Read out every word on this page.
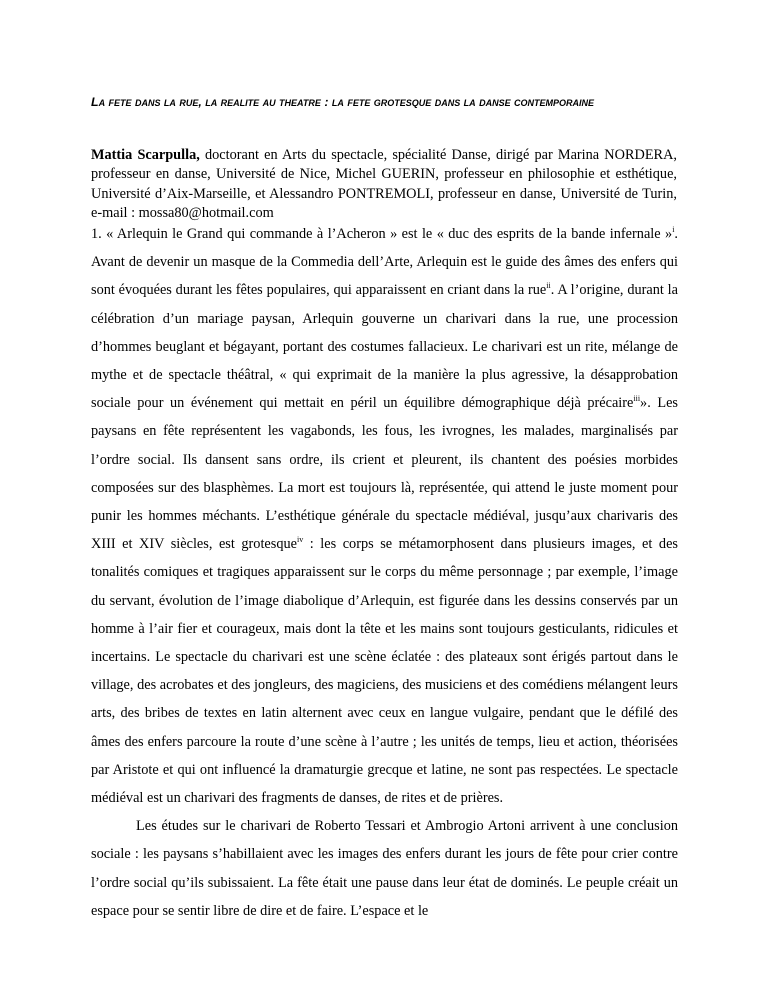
La fete dans la rue, la realite au theatre : la fete grotesque dans la danse contemporaine
Mattia Scarpulla, doctorant en Arts du spectacle, spécialité Danse, dirigé par Marina NORDERA, professeur en danse, Université de Nice, Michel GUERIN, professeur en philosophie et esthétique, Université d’Aix-Marseille, et Alessandro PONTREMOLI, professeur en danse, Université de Turin, e-mail : mossa80@hotmail.com

1. « Arlequin le Grand qui commande à l’Acheron » est le « duc des esprits de la bande infernale »$^i$. Avant de devenir un masque de la Commedia dell’Arte, Arlequin est le guide des âmes des enfers qui sont évoquées durant les fêtes populaires, qui apparaissent en criant dans la rue$^{ii}$. A l’origine, durant la célébration d’un mariage paysan, Arlequin gouverne un charivari dans la rue, une procession d’hommes beuglant et bégayant, portant des costumes fallacieux. Le charivari est un rite, mélange de mythe et de spectacle théâtral, « qui exprimait de la manière la plus agressive, la désapprobation sociale pour un événement qui mettait en péril un équilibre démographique déjà précaire$^{iii}$». Les paysans en fête représentent les vagabonds, les fous, les ivrognes, les malades, marginalisés par l’ordre social. Ils dansent sans ordre, ils crient et pleurent, ils chantent des poésies morbides composées sur des blasphèmes. La mort est toujours là, représentée, qui attend le juste moment pour punir les hommes méchants. L’esthétique générale du spectacle médiéval, jusqu’aux charivaris des XIII et XIV siècles, est grotesque$^{iv}$ : les corps se métamorphosent dans plusieurs images, et des tonalités comiques et tragiques apparaissent sur le corps du même personnage ; par exemple, l’image du servant, évolution de l’image diabolique d’Arlequin, est figurée dans les dessins conservés par un homme à l’air fier et courageux, mais dont la tête et les mains sont toujours gesticulants, ridicules et incertains. Le spectacle du charivari est une scène éclatée : des plateaux sont érigés partout dans le village, des acrobates et des jongleurs, des magiciens, des musiciens et des comédiens mélangent leurs arts, des bribes de textes en latin alternent avec ceux en langue vulgaire, pendant que le défilé des âmes des enfers parcoure la route d’une scène à l’autre ; les unités de temps, lieu et action, théorisées par Aristote et qui ont influencé la dramaturgie grecque et latine, ne sont pas respectées. Le spectacle médiéval est un charivari des fragments de danses, de rites et de prières.

Les études sur le charivari de Roberto Tessari et Ambrogio Artoni arrivent à une conclusion sociale : les paysans s’habillaient avec les images des enfers durant les jours de fête pour crier contre l’ordre social qu’ils subissaient. La fête était une pause dans leur état de dominés. Le peuple créait un espace pour se sentir libre de dire et de faire. L’espace et le
